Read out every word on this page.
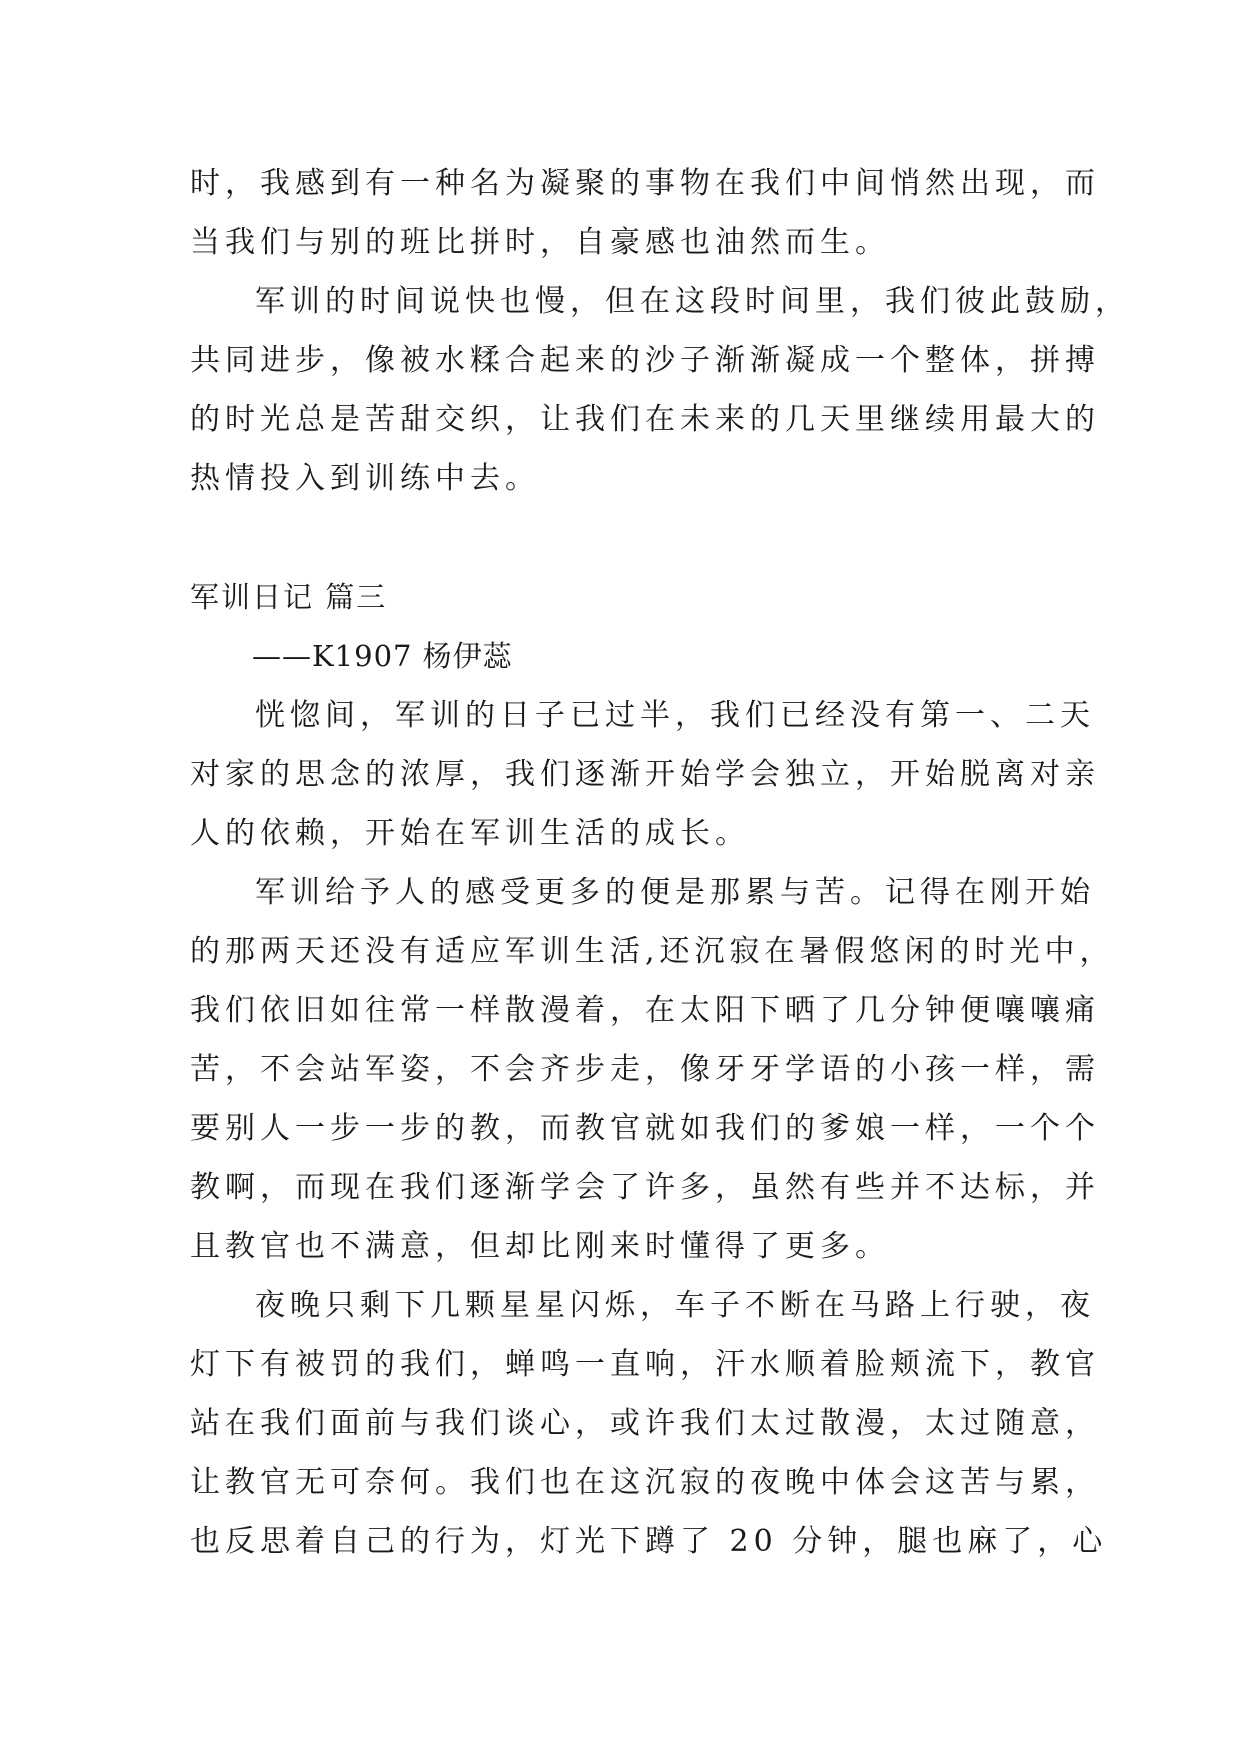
时，我感到有一种名为凝聚的事物在我们中间悄然出现，而
当我们与别的班比拼时，自豪感也油然而生。
军训的时间说快也慢，但在这段时间里，我们彼此鼓励，
共同进步，像被水糅合起来的沙子渐渐凝成一个整体，拼搏
的时光总是苦甜交织，让我们在未来的几天里继续用最大的
热情投入到训练中去。
军训日记 篇三
——K1907 杨伊蕊
恍惚间，军训的日子已过半，我们已经没有第一、二天
对家的思念的浓厚，我们逐渐开始学会独立，开始脱离对亲
人的依赖，开始在军训生活的成长。
军训给予人的感受更多的便是那累与苦。记得在刚开始
的那两天还没有适应军训生活,还沉寂在暑假悠闲的时光中，
我们依旧如往常一样散漫着，在太阳下晒了几分钟便嚷嚷痛
苦，不会站军姿，不会齐步走，像牙牙学语的小孩一样，需
要别人一步一步的教，而教官就如我们的爹娘一样，一个个
教啊，而现在我们逐渐学会了许多，虽然有些并不达标，并
且教官也不满意，但却比刚来时懂得了更多。
夜晚只剩下几颗星星闪烁，车子不断在马路上行驶，夜
灯下有被罚的我们，蝉鸣一直响，汗水顺着脸颊流下，教官
站在我们面前与我们谈心，或许我们太过散漫，太过随意，
让教官无可奈何。我们也在这沉寂的夜晚中体会这苦与累，
也反思着自己的行为，灯光下蹲了 20 分钟，腿也麻了，心
